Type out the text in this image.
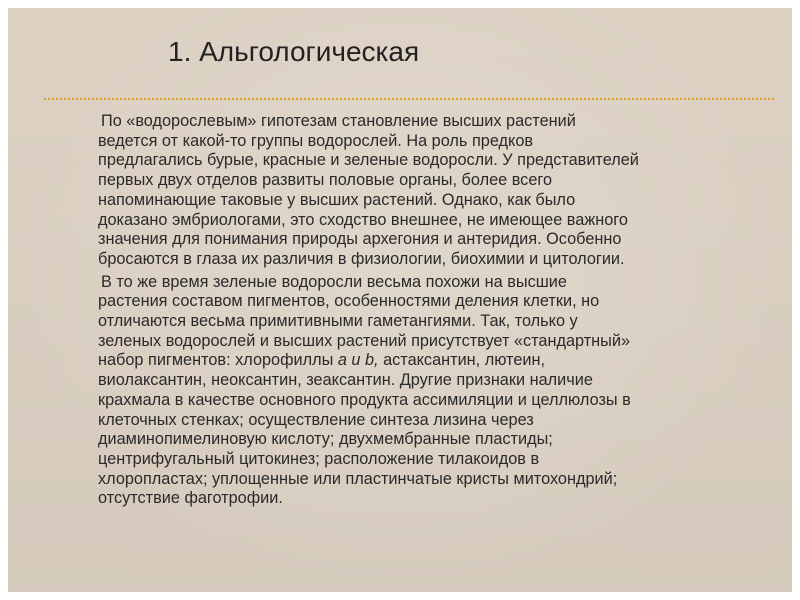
1. Альгологическая
По «водорослевым» гипотезам становление высших растений
ведется от какой-то группы водорослей. На роль предков
предлагались бурые, красные и зеленые водоросли. У представителей
первых двух отделов развиты половые органы, более всего
напоминающие таковые у высших растений. Однако, как было
доказано эмбриологами, это сходство внешнее, не имеющее важного
значения для понимания природы архегония и антеридия. Особенно
бросаются в глаза их различия в физиологии, биохимии и цитологии.
В то же время зеленые водоросли весьма похожи на высшие
растения составом пигментов, особенностями деления клетки, но
отличаются весьма примитивными гаметангиями. Так, только у
зеленых водорослей и высших растений присутствует «стандартный»
набор пигментов: хлорофиллы a и b, астаксантин, лютеин,
виолаксантин, неоксантин, зеаксантин. Другие признаки наличие
крахмала в качестве основного продукта ассимиляции и целлюлозы в
клеточных стенках; осуществление синтеза лизина через
диаминопимелиновую кислоту; двухмембранные пластиды;
центрифугальный цитокинез; расположение тилакоидов в
хлоропластах; уплощенные или пластинчатые кристы митохондрий;
отсутствие фаготрофии.
